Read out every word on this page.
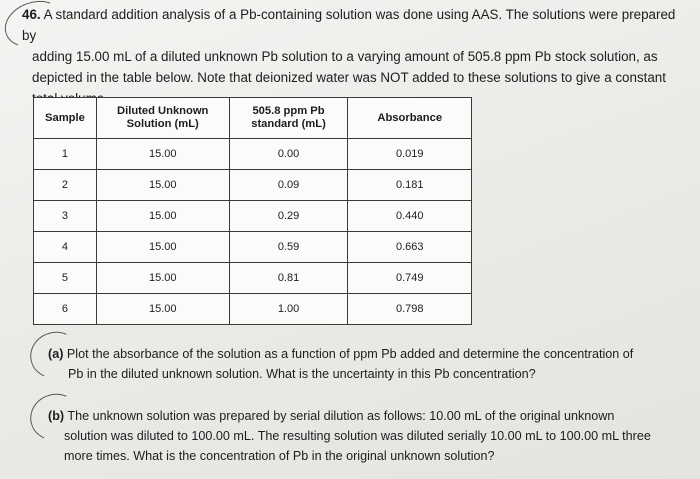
46. A standard addition analysis of a Pb-containing solution was done using AAS. The solutions were prepared by
adding 15.00 mL of a diluted unknown Pb solution to a varying amount of 505.8 ppm Pb stock solution, as
depicted in the table below. Note that deionized water was NOT added to these solutions to give a constant
Sample	Diluted Unknown Solution (mL)	505.8 ppm Pb standard (mL)	Absorbance
1	15.00	0.00	0.019
2	15.00	0.09	0.181
3	15.00	0.29	0.440
4	15.00	0.59	0.663
5	15.00	0.81	0.749
6	15.00	1.00	0.798
(a) Plot the absorbance of the solution as a function of ppm Pb added and determine the concentration of
Pb in the diluted unknown solution. What is the uncertainty in this Pb concentration?
(b) The unknown solution was prepared by serial dilution as follows: 10.00 mL of the original unknown
solution was diluted to 100.00 mL. The resulting solution was diluted serially 10.00 mL to 100.00 mL three
more times. What is the concentration of Pb in the original unknown solution?
